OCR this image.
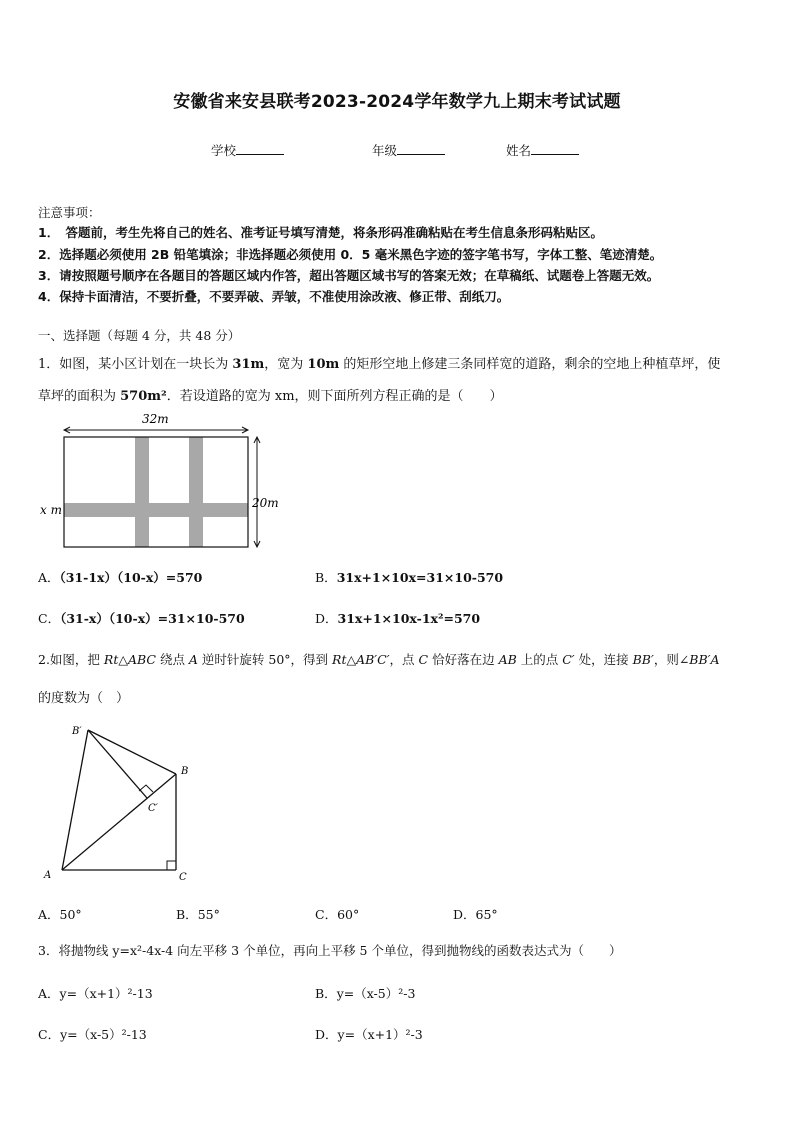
安徽省来安县联考2023-2024学年数学九上期末考试试题
学校	年级	姓名
注意事项：
1．　答题前，考生先将自己的姓名、准考证号填写清楚，将条形码准确粘贴在考生信息条形码粘贴区。
2．选择题必须使用 2B 铅笔填涂；非选择题必须使用 0．5 毫米黑色字迹的签字笔书写，字体工整、笔迹清楚。
3．请按照题号顺序在各题目的答题区域内作答，超出答题区域书写的答案无效；在草稿纸、试题卷上答题无效。
4．保持卡面清洁，不要折叠，不要弄破、弄皱，不准使用涂改液、修正带、刮纸刀。
一、选择题（每题 4 分，共 48 分）
1．如图，某小区计划在一块长为 31m，宽为 10m 的矩形空地上修建三条同样宽的道路，剩余的空地上种植草坪，使
草坪的面积为 570m²．若设道路的宽为 xm，则下面所列方程正确的是（　　）
32m
20m
x m
A．（31-1x）（10-x）=570	B．31x+1×10x=31×10-570
C．（31-x）（10-x）=31×10-570	D．31x+1×10x-1x²=570
2.如图，把 Rt△ABC 绕点 A 逆时针旋转 50°，得到 Rt△AB′C′，点 C 恰好落在边 AB 上的点 C′ 处，连接 BB′，则∠BB′A
的度数为（　）
B′
B
C′
A	C
A．50°	B．55°	C．60°	D．65°
3．将抛物线 y=x²-4x-4 向左平移 3 个单位，再向上平移 5 个单位，得到抛物线的函数表达式为（　　）
A．y=（x+1）²-13	B．y=（x-5）²-3
C．y=（x-5）²-13	D．y=（x+1）²-3
